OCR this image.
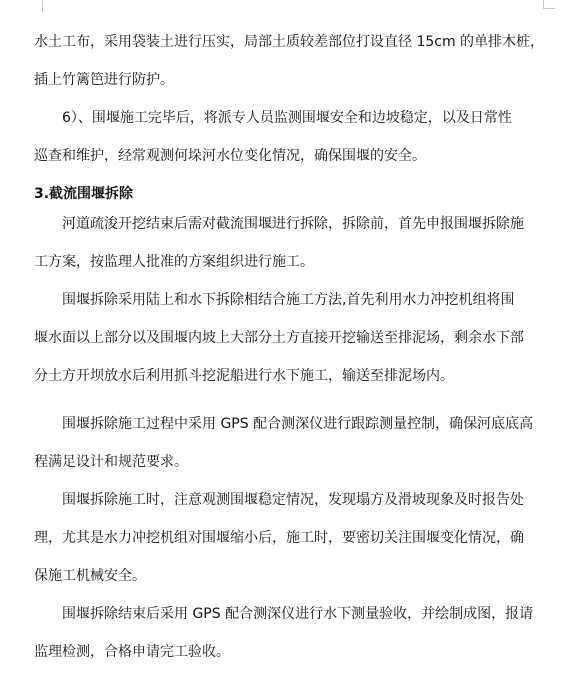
水土工布，采用袋装土进行压实，局部土质较差部位打设直径 15cm 的单排木桩，

插上竹篱笆进行防护。

6）、围堰施工完毕后，将派专人员监测围堰安全和边坡稳定，以及日常性

巡查和维护，经常观测何垛河水位变化情况，确保围堰的安全。

3.截流围堰拆除

河道疏浚开挖结束后需对截流围堰进行拆除，拆除前，首先申报围堰拆除施

工方案，按监理人批准的方案组织进行施工。

围堰拆除采用陆上和水下拆除相结合施工方法,首先利用水力冲挖机组将围

堰水面以上部分以及围堰内坡上大部分土方直接开挖输送至排泥场，剩余水下部

分土方开坝放水后利用抓斗挖泥船进行水下施工，输送至排泥场内。

围堰拆除施工过程中采用 GPS 配合测深仪进行跟踪测量控制，确保河底底高

程满足设计和规范要求。

围堰拆除施工时，注意观测围堰稳定情况，发现塌方及滑坡现象及时报告处

理，尤其是水力冲挖机组对围堰缩小后，施工时，要密切关注围堰变化情况，确

保施工机械安全。

围堰拆除结束后采用 GPS 配合测深仪进行水下测量验收，并绘制成图，报请

监理检测，合格申请完工验收。
